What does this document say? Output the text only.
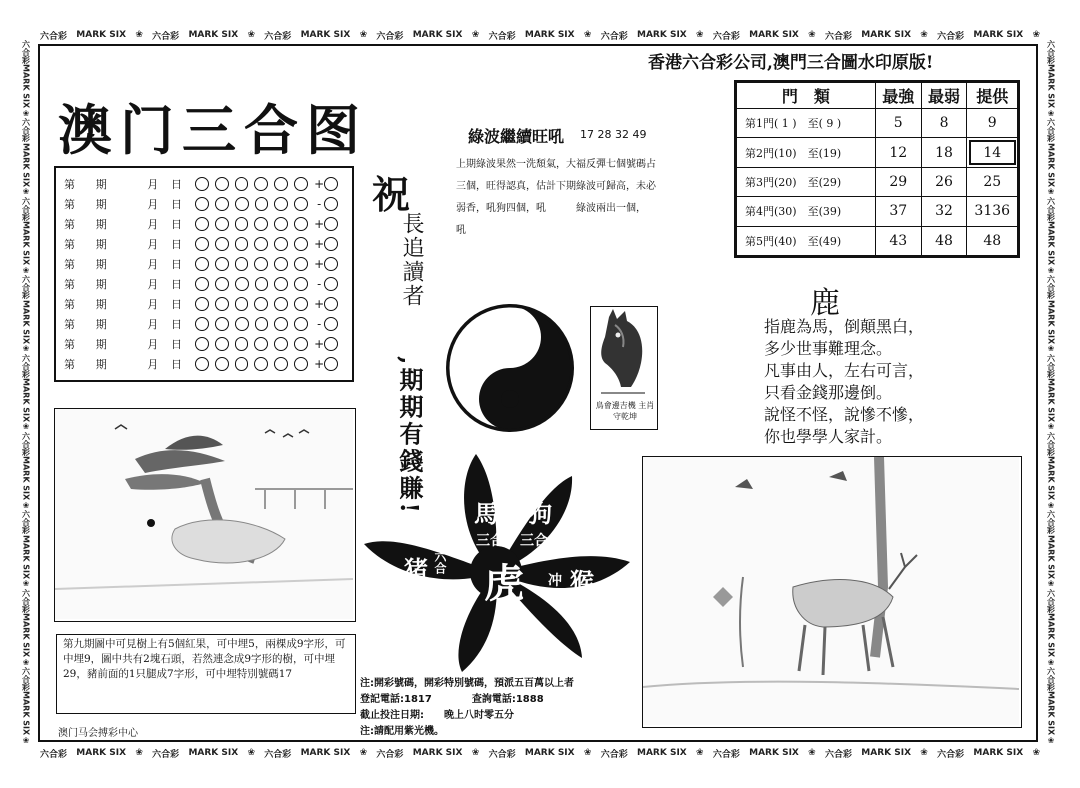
六合彩 MARK SIX ❀ 六合彩 MARK SIX ❀ 六合彩 MARK SIX ❀ 六合彩 MARK SIX ❀ 六合彩 MARK SIX ❀ 六合彩 MARK SIX ❀ 六合彩 MARK SIX ❀ 六合彩 MARK SIX ❀ 六合彩 MARK SIX ❀
六合彩 MARK SIX ❀ 六合彩 MARK SIX ❀ 六合彩 MARK SIX ❀ 六合彩 MARK SIX ❀ 六合彩 MARK SIX ❀ 六合彩 MARK SIX ❀ 六合彩 MARK SIX ❀ 六合彩 MARK SIX ❀ 六合彩 MARK SIX ❀
六合彩
MARK SIX
❀
六合彩
MARK SIX
❀
六合彩
MARK SIX
❀
六合彩
MARK SIX
❀
六合彩
MARK SIX
❀
六合彩
MARK SIX
❀
六合彩
MARK SIX
❀
六合彩
MARK SIX
❀
六合彩
MARK SIX
❀
六合彩
MARK SIX
❀
六合彩
MARK SIX
❀
六合彩
MARK SIX
❀
六合彩
MARK SIX
❀
六合彩
MARK SIX
❀
六合彩
MARK SIX
❀
六合彩
MARK SIX
❀
六合彩
MARK SIX
❀
六合彩
MARK SIX
❀
香港六合彩公司,澳門三合圖水印原版!
澳门三合图
第	期	月	日	+
第	期	月	日	-
第	期	月	日	+
第	期	月	日	+
第	期	月	日	+
第	期	月	日	-
第	期	月	日	+
第	期	月	日	-
第	期	月	日	+
第	期	月	日	+
祝
長追讀者
,期期有錢賺!
綠波繼續旺吼 17 28 32 49
上期綠波果然一洗頹氣，大福反彈七個號碼占
三個，旺得認真，估計下期綠波可歸高，未必
弱香，吼狗四個，吼　　　綠波兩出一個，
吼　　
門　類	最強	最弱	提供
第1門( 1 )　至( 9 )	5	8	9
第2門(10)　至(19)	12	18	14
第3門(20)　至(29)	29	26	25
第4門(30)　至(39)	37	32	3136
第5門(40)　至(49)	43	48	48
鹿
指鹿為馬，倒顛黑白，
多少世事難理念。
凡事由人，左右可言，
只看金錢那邊倒。
說怪不怪，說慘不慘，
你也學學人家計。
鳥會邊吉機 主肖守乾坤
馬 狗
三合 三合
猪 六合 虎 冲 猴
第九期圖中可見樹上有5個紅果，可中埋5，兩棵成9字形，可中埋9，圖中共有2塊石頭，若然連念成9字形的樹，可中埋29，豬前面的1只腿成7字形，可中埋特別號碼17
澳门马会搏彩中心
注:開彩號碼，開彩特別號碼，預派五百萬以上者
登記電話:1817　　　　查詢電話:1888
截止投注日期:　　晚上八时零五分
注:請配用紫光機。
